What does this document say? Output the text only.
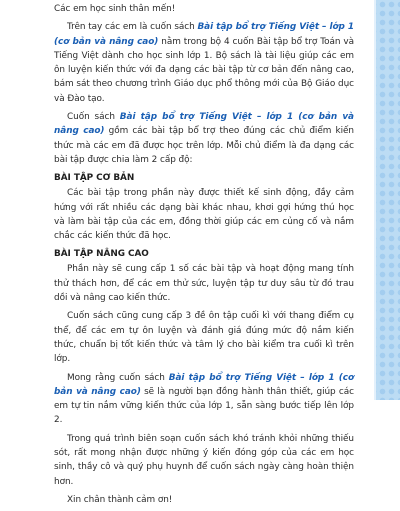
Các em học sinh thân mến!

Trên tay các em là cuốn sách Bài tập bổ trợ Tiếng Việt – lớp 1 (cơ bản và nâng cao) nằm trong bộ 4 cuốn Bài tập bổ trợ Toán và Tiếng Việt dành cho học sinh lớp 1. Bộ sách là tài liệu giúp các em ôn luyện kiến thức với đa dạng các bài tập từ cơ bản đến nâng cao, bám sát theo chương trình Giáo dục phổ thông mới của Bộ Giáo dục và Đào tạo.

Cuốn sách Bài tập bổ trợ Tiếng Việt – lớp 1 (cơ bản và nâng cao) gồm các bài tập bổ trợ theo đúng các chủ điểm kiến thức mà các em đã được học trên lớp. Mỗi chủ điểm là đa dạng các bài tập được chia làm 2 cấp độ:

BÀI TẬP CƠ BẢN

Các bài tập trong phần này được thiết kế sinh động, đầy cảm hứng với rất nhiều các dạng bài khác nhau, khơi gợi hứng thú học và làm bài tập của các em, đồng thời giúp các em củng cố và nắm chắc các kiến thức đã học.

BÀI TẬP NÂNG CAO

Phần này sẽ cung cấp 1 số các bài tập và hoạt động mang tính thử thách hơn, để các em thử sức, luyện tập tư duy sâu từ đó trau dồi và nâng cao kiến thức.

Cuốn sách cũng cung cấp 3 đề ôn tập cuối kì với thang điểm cụ thể, để các em tự ôn luyện và đánh giá đúng mức độ nắm kiến thức, chuẩn bị tốt kiến thức và tâm lý cho bài kiểm tra cuối kì trên lớp.

Mong rằng cuốn sách Bài tập bổ trợ Tiếng Việt – lớp 1 (cơ bản và nâng cao) sẽ là người bạn đồng hành thân thiết, giúp các em tự tin nắm vững kiến thức của lớp 1, sẵn sàng bước tiếp lên lớp 2.

Trong quá trình biên soạn cuốn sách khó tránh khỏi những thiếu sót, rất mong nhận được những ý kiến đóng góp của các em học sinh, thầy cô và quý phụ huynh để cuốn sách ngày càng hoàn thiện hơn.

Xin chân thành cảm ơn!
